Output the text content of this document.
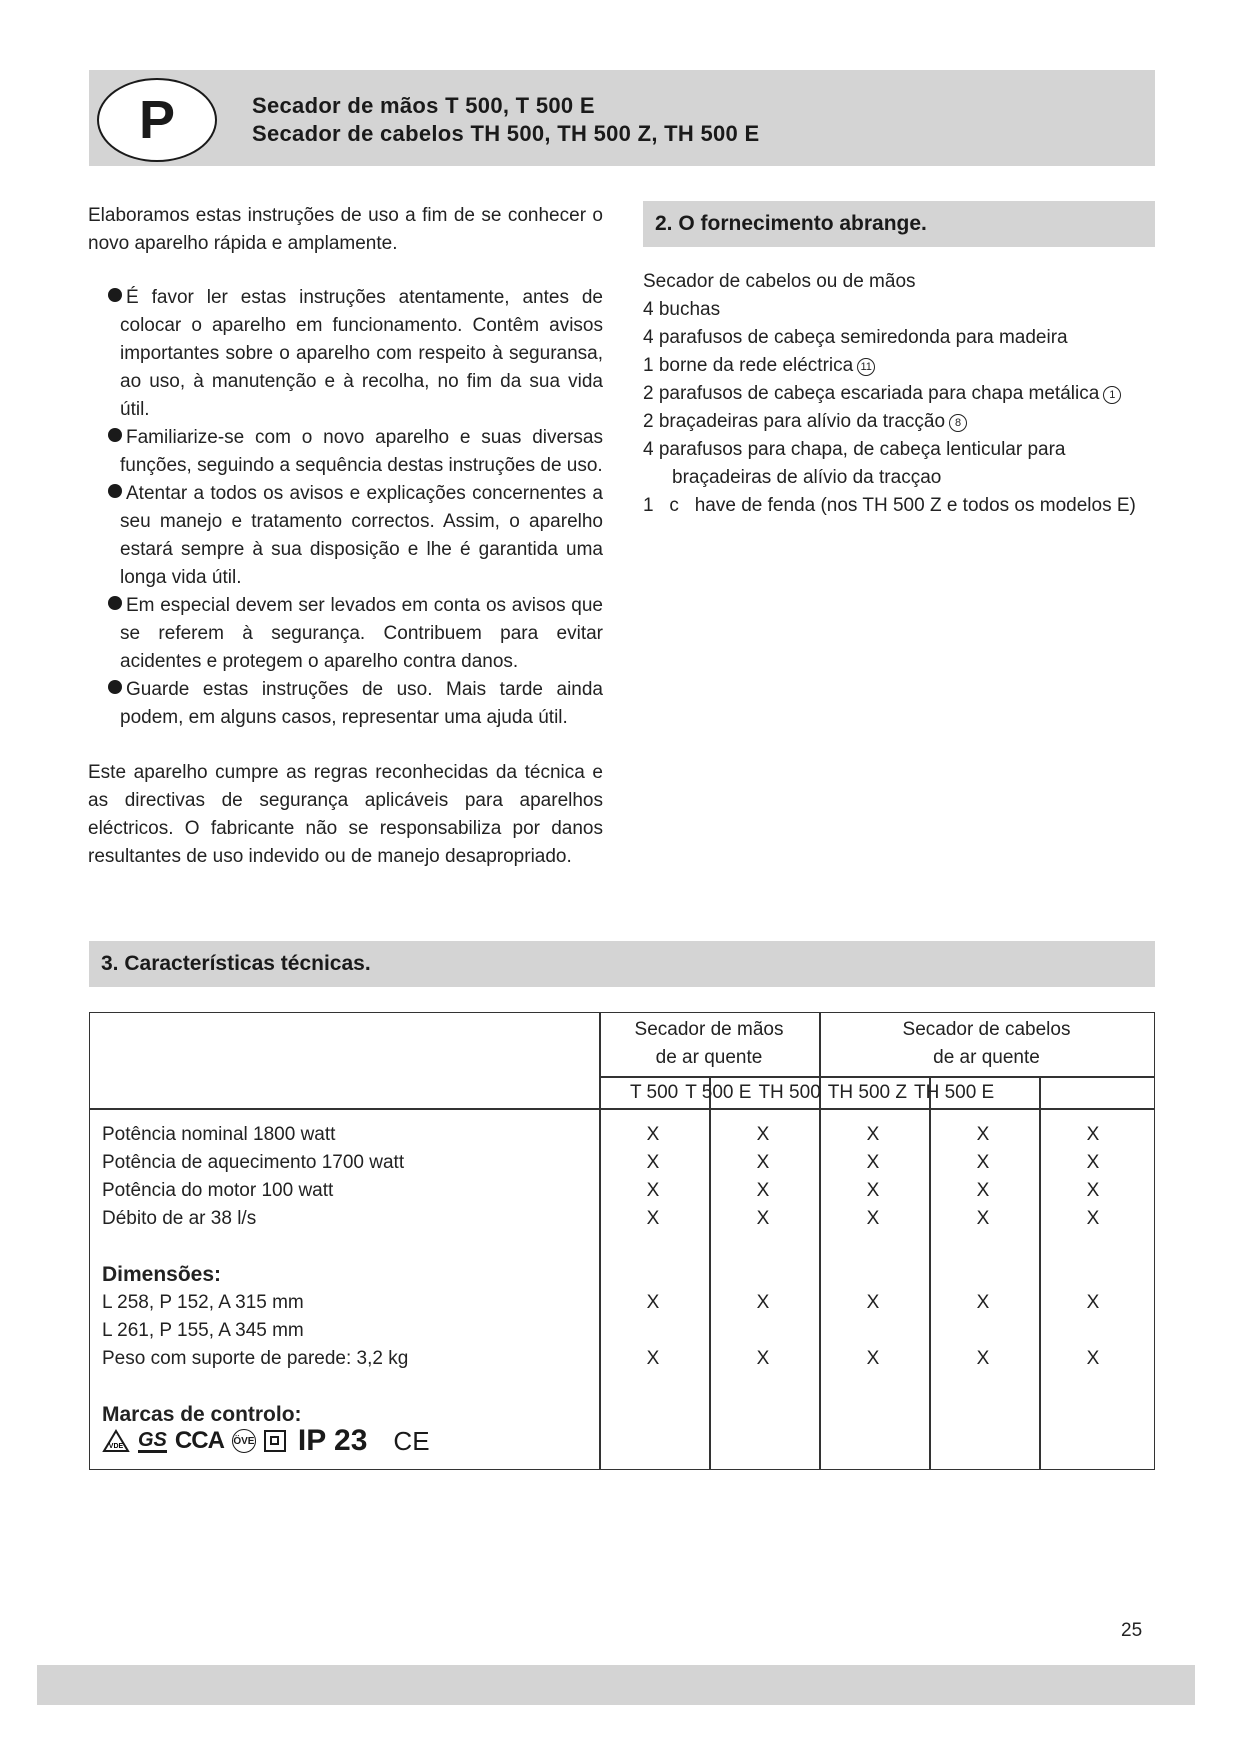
P	Secador de mãos T 500, T 500 E
Secador de cabelos TH 500, TH 500 Z, TH 500 E

Elaboramos estas instruções de uso a fim de se conhecer o novo aparelho rápida e amplamente.

É favor ler estas instruções atentamente, antes de colocar o aparelho em funcionamento. Contêm avisos importantes sobre o aparelho com respeito à seguransa, ao uso, à manutenção e à recolha, no fim da sua vida útil.
Familiarize-se com o novo aparelho e suas diversas funções, seguindo a sequência destas instruções de uso.
Atentar a todos os avisos e explicações concernentes a seu manejo e tratamento correctos. Assim, o aparelho estará sempre à sua disposição e lhe é garantida uma longa vida útil.
Em especial devem ser levados em conta os avisos que se referem à segurança. Contribuem para evitar acidentes e protegem o aparelho contra danos.
Guarde estas instruções de uso. Mais tarde ainda podem, em alguns casos, representar uma ajuda útil.

Este aparelho cumpre as regras reconhecidas da técnica e as directivas de segurança aplicáveis para aparelhos eléctricos. O fabricante não se responsabiliza por danos resultantes de uso indevido ou de manejo desapropriado.

2. O fornecimento abrange.
Secador de cabelos ou de mãos
4 buchas
4 parafusos de cabeça semiredonda para madeira
1 borne da rede eléctrica 11
2 parafusos de cabeça escariada para chapa metálica 1
2 braçadeiras para alívio da tracção 8
4 parafusos para chapa, de cabeça lenticular para
braçadeiras de alívio da tracçao
1   c   have de fenda (nos TH 500 Z e todos os modelos E)
3. Características técnicas.
Secador de mãos
de ar quente
Secador de cabelos
de ar quente
T 500 T 500 E TH 500 TH 500 Z TH 500 E
Potência nominal 1800 watt
Potência de aquecimento 1700 watt
Potência do motor 100 watt
Débito de ar 38 l/s
Dimensões:
L 258, P 152, A 315 mm
L 261, P 155, A 345 mm
Peso com suporte de parede: 3,2 kg
Marcas de controlo:
X
X
X
X
X
X
X
X
X
X
X
X
X
X
X
X
X
X
X
X
X
X
X
X
X
X
X
X
X
X
VDE GS CCA ÖVE IP 23 CE
25
